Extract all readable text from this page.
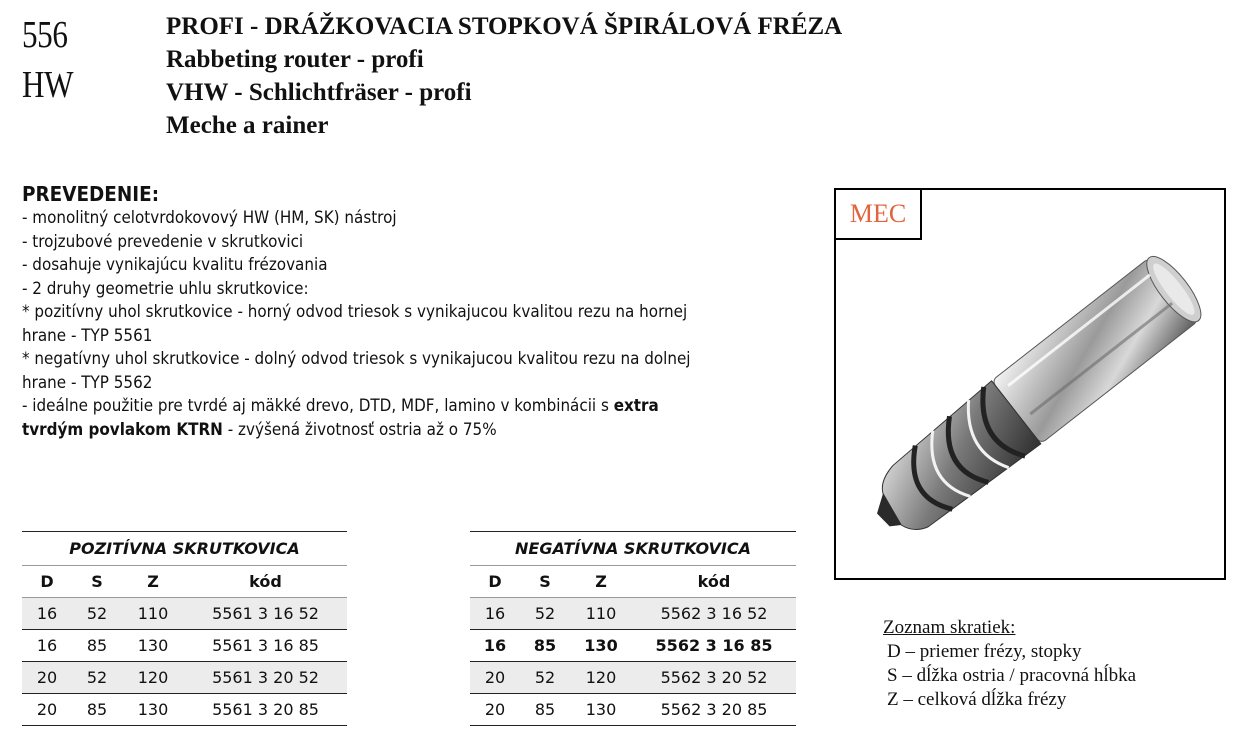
556
HW
PROFI - DRÁŽKOVACIA STOPKOVÁ ŠPIRÁLOVÁ FRÉZA
Rabbeting router - profi
VHW - Schlichtfräser - profi
Meche a rainer
PREVEDENIE:
- monolitný celotvrdokovový HW (HM, SK) nástroj
- trojzubové prevedenie v skrutkovici
- dosahuje vynikajúcu kvalitu frézovania
- 2 druhy geometrie uhlu skrutkovice:
* pozitívny uhol skrutkovice - horný odvod triesok s vynikajucou kvalitou rezu na hornej
hrane - TYP 5561
* negatívny uhol skrutkovice - dolný odvod triesok s vynikajucou kvalitou rezu na dolnej
hrane - TYP 5562
- ideálne použitie pre tvrdé aj mäkké drevo, DTD, MDF, lamino v kombinácii s extra
tvrdým povlakom KTRN - zvýšená životnosť ostria až o 75%
MEC
POZITÍVNA SKRUTKOVICA			
D	S	Z	kód
16	52	110	5561 3 16 52
16	85	130	5561 3 16 85
20	52	120	5561 3 20 52
20	85	130	5561 3 20 85
NEGATÍVNA SKRUTKOVICA			
D	S	Z	kód
16	52	110	5562 3 16 52
16	85	130	5562 3 16 85
20	52	120	5562 3 20 52
20	85	130	5562 3 20 85
Zoznam skratiek:
D – priemer frézy, stopky
S – dĺžka ostria / pracovná hĺbka
Z – celková dĺžka frézy
